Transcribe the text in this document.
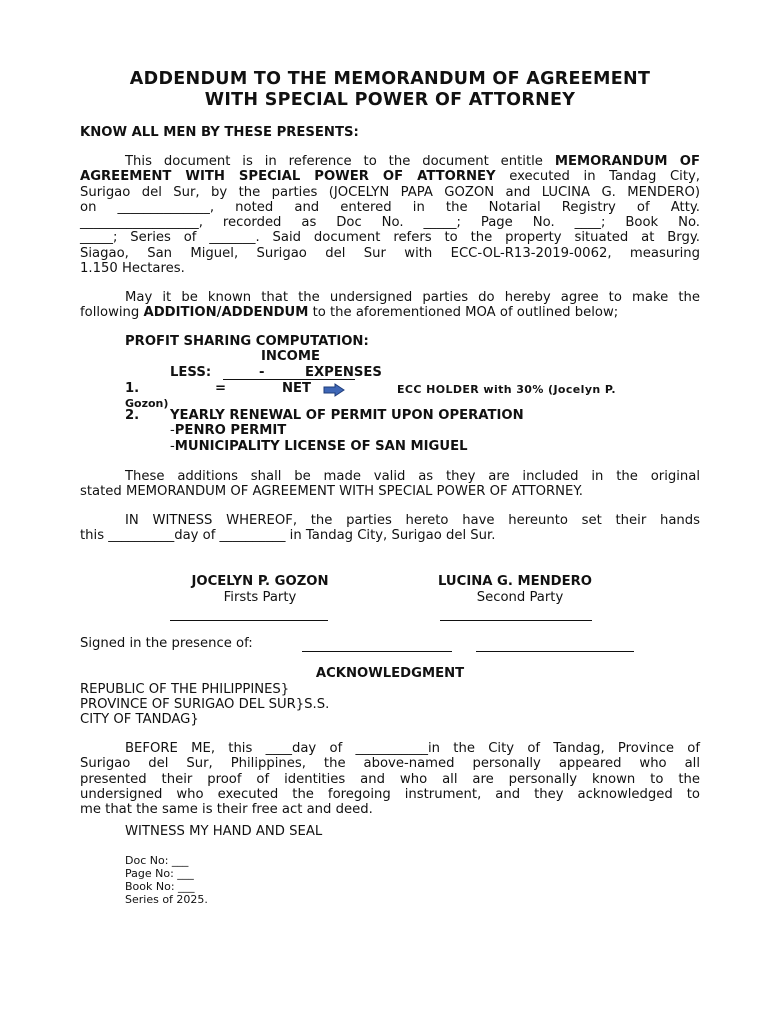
ADDENDUM TO THE MEMORANDUM OF AGREEMENT
WITH SPECIAL POWER OF ATTORNEY
KNOW ALL MEN BY THESE PRESENTS:
This document is in reference to the document entitle MEMORANDUM OF
AGREEMENT WITH SPECIAL POWER OF ATTORNEY executed in Tandag City,
Surigao del Sur, by the parties (JOCELYN PAPA GOZON and LUCINA G. MENDERO)
on ______________, noted and entered in the Notarial Registry of Atty.
__________________, recorded as Doc No. _____; Page No. ____; Book No.
_____; Series of _______. Said document refers to the property situated at Brgy.
Siagao, San Miguel, Surigao del Sur with ECC-OL-R13-2019-0062, measuring
1.150 Hectares.
May it be known that the undersigned parties do hereby agree to make the
following ADDITION/ADDENDUM to the aforementioned MOA of outlined below;
PROFIT SHARING COMPUTATION:
INCOME
LESS:	-	EXPENSES
1.	=	NET	ECC HOLDER with 30% (Jocelyn P.
Gozon)
2. YEARLY RENEWAL OF PERMIT UPON OPERATION
-PENRO PERMIT
-MUNICIPALITY LICENSE OF SAN MIGUEL
These additions shall be made valid as they are included in the original
stated MEMORANDUM OF AGREEMENT WITH SPECIAL POWER OF ATTORNEY.
IN WITNESS WHEREOF, the parties hereto have hereunto set their hands
this __________day of __________ in Tandag City, Surigao del Sur.
JOCELYN P. GOZON
Firsts Party
LUCINA G. MENDERO
Second Party
Signed in the presence of:
ACKNOWLEDGMENT
REPUBLIC OF THE PHILIPPINES}
PROVINCE OF SURIGAO DEL SUR}S.S.
CITY OF TANDAG}
BEFORE ME, this ____day of ___________in the City of Tandag, Province of
Surigao del Sur, Philippines, the above-named personally appeared who all
presented their proof of identities and who all are personally known to the
undersigned who executed the foregoing instrument, and they acknowledged to
me that the same is their free act and deed.
WITNESS MY HAND AND SEAL
Doc No: ___
Page No: ___
Book No: ___
Series of 2025.
